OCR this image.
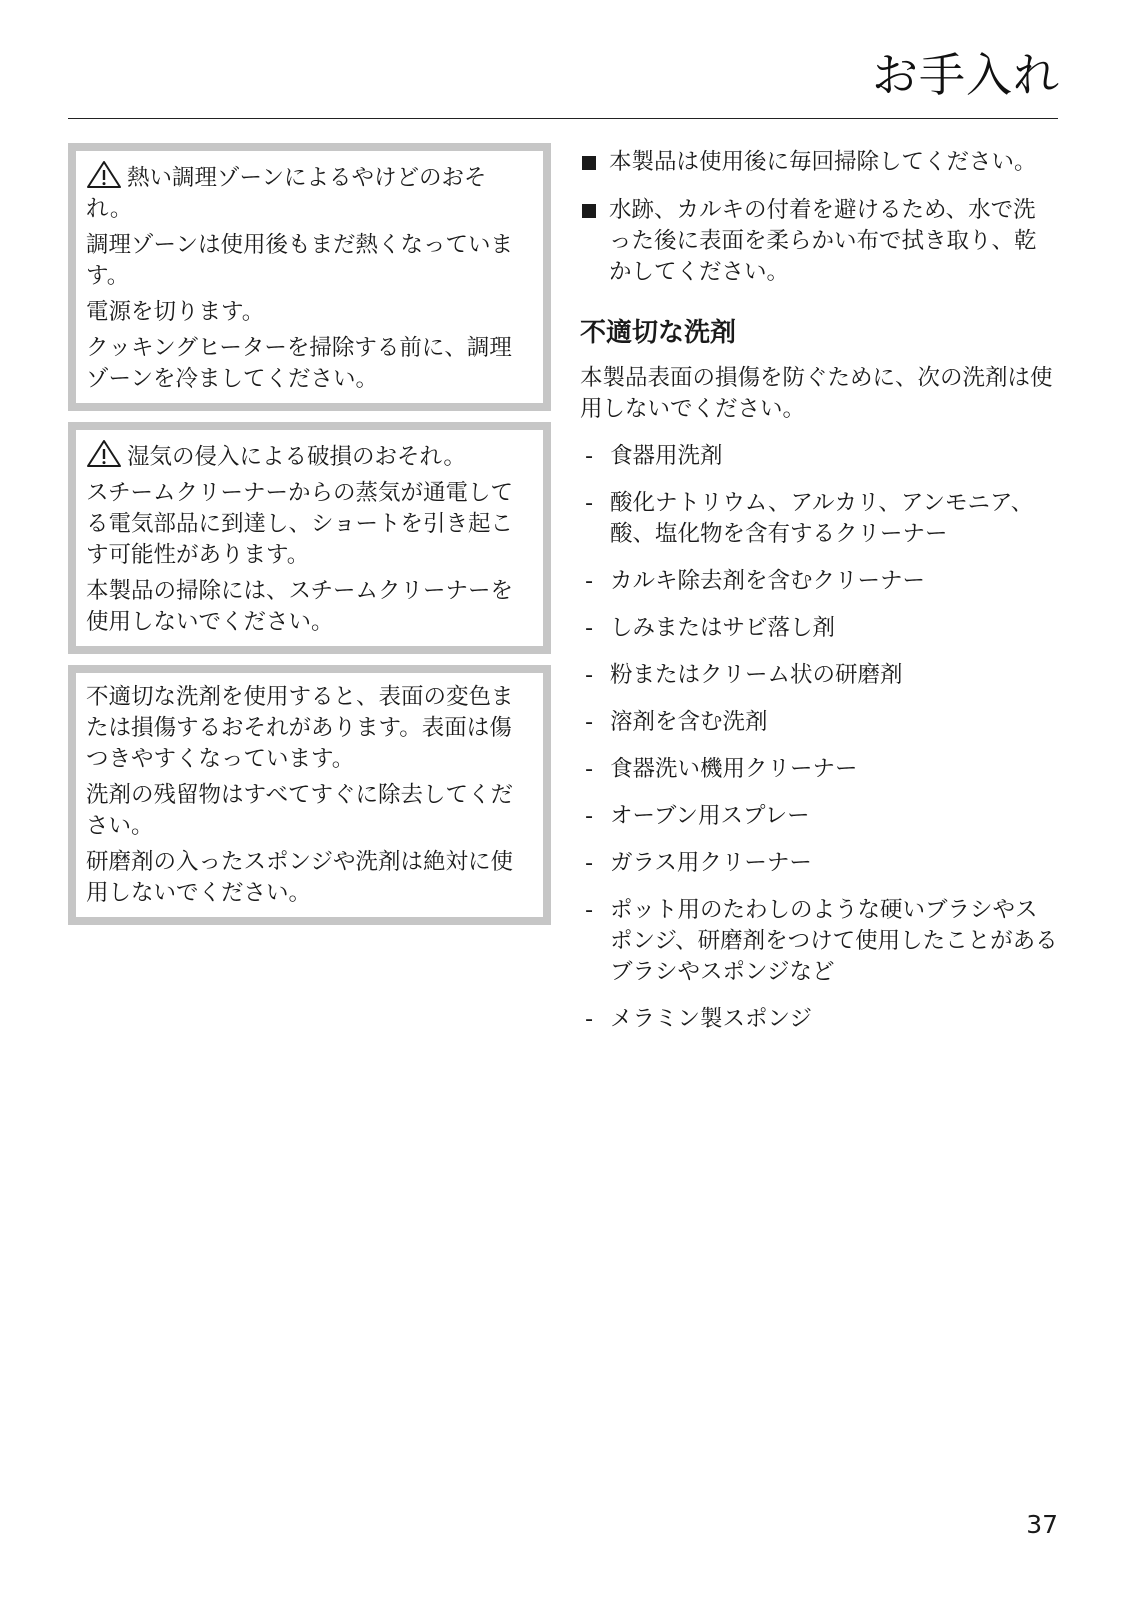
お手入れ

熱い調理ゾーンによるやけどのおそれ。

調理ゾーンは使用後もまだ熱くなっています。

電源を切ります。

クッキングヒーターを掃除する前に、調理ゾーンを冷ましてください。

湿気の侵入による破損のおそれ。

スチームクリーナーからの蒸気が通電してる電気部品に到達し、ショートを引き起こす可能性があります。

本製品の掃除には、スチームクリーナーを使用しないでください。

不適切な洗剤を使用すると、表面の変色または損傷するおそれがあります。表面は傷つきやすくなっています。

洗剤の残留物はすべてすぐに除去してください。

研磨剤の入ったスポンジや洗剤は絶対に使用しないでください。

本製品は使用後に毎回掃除してください。
水跡、カルキの付着を避けるため、水で洗った後に表面を柔らかい布で拭き取り、乾かしてください。
不適切な洗剤

本製品表面の損傷を防ぐために、次の洗剤は使用しないでください。

- 食器用洗剤
- 酸化ナトリウム、アルカリ、アンモニア、酸、塩化物を含有するクリーナー
- カルキ除去剤を含むクリーナー
- しみまたはサビ落し剤
- 粉またはクリーム状の研磨剤
- 溶剤を含む洗剤
- 食器洗い機用クリーナー
- オーブン用スプレー
- ガラス用クリーナー
- ポット用のたわしのような硬いブラシやスポンジ、研磨剤をつけて使用したことがあるブラシやスポンジなど
- メラミン製スポンジ
37
